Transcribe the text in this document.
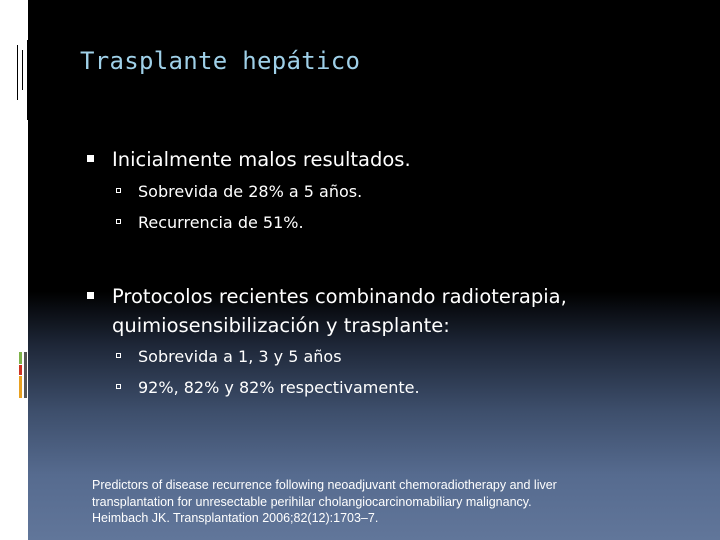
Trasplante hepático
Inicialmente malos resultados.
Sobrevida de 28% a 5 años.
Recurrencia de 51%.
Protocolos recientes combinando radioterapia,
quimiosensibilización y trasplante:
Sobrevida a 1, 3 y 5 años
92%, 82% y 82% respectivamente.
Predictors of disease recurrence following neoadjuvant chemoradiotherapy and liver
transplantation for unresectable perihilar cholangiocarcinomabiliary malignancy.
Heimbach JK. Transplantation 2006;82(12):1703–7.
